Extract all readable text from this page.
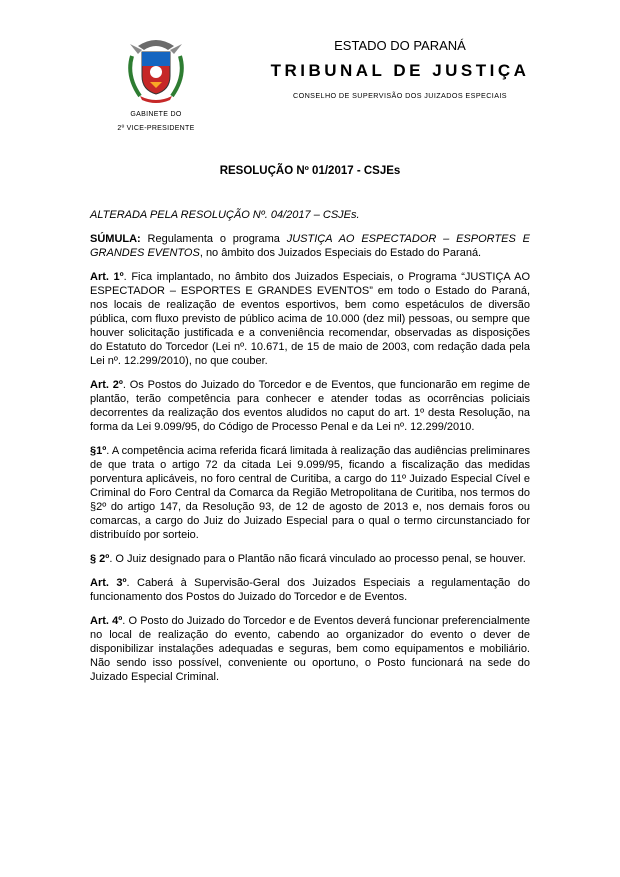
GABINETE DO
2º VICE-PRESIDENTE
ESTADO DO PARANÁ
TRIBUNAL DE JUSTIÇA
CONSELHO DE SUPERVISÃO DOS JUIZADOS ESPECIAIS
RESOLUÇÃO Nº 01/2017 - CSJEs

ALTERADA PELA RESOLUÇÃO Nº. 04/2017 – CSJEs.

SÚMULA: Regulamenta o programa JUSTIÇA AO ESPECTADOR – ESPORTES E GRANDES EVENTOS, no âmbito dos Juizados Especiais do Estado do Paraná.

Art. 1º. Fica implantado, no âmbito dos Juizados Especiais, o Programa “JUSTIÇA AO ESPECTADOR – ESPORTES E GRANDES EVENTOS” em todo o Estado do Paraná, nos locais de realização de eventos esportivos, bem como espetáculos de diversão pública, com fluxo previsto de público acima de 10.000 (dez mil) pessoas, ou sempre que houver solicitação justificada e a conveniência recomendar, observadas as disposições do Estatuto do Torcedor (Lei nº. 10.671, de 15 de maio de 2003, com redação dada pela Lei nº. 12.299/2010), no que couber.

Art. 2º. Os Postos do Juizado do Torcedor e de Eventos, que funcionarão em regime de plantão, terão competência para conhecer e atender todas as ocorrências policiais decorrentes da realização dos eventos aludidos no caput do art. 1º desta Resolução, na forma da Lei 9.099/95, do Código de Processo Penal e da Lei nº. 12.299/2010.

§1º. A competência acima referida ficará limitada à realização das audiências preliminares de que trata o artigo 72 da citada Lei 9.099/95, ficando a fiscalização das medidas porventura aplicáveis, no foro central de Curitiba, a cargo do 11º Juizado Especial Cível e Criminal do Foro Central da Comarca da Região Metropolitana de Curitiba, nos termos do §2º do artigo 147, da Resolução 93, de 12 de agosto de 2013 e, nos demais foros ou comarcas, a cargo do Juiz do Juizado Especial para o qual o termo circunstanciado for distribuído por sorteio.

§ 2º. O Juiz designado para o Plantão não ficará vinculado ao processo penal, se houver.

Art. 3º. Caberá à Supervisão-Geral dos Juizados Especiais a regulamentação do funcionamento dos Postos do Juizado do Torcedor e de Eventos.

Art. 4º. O Posto do Juizado do Torcedor e de Eventos deverá funcionar preferencialmente no local de realização do evento, cabendo ao organizador do evento o dever de disponibilizar instalações adequadas e seguras, bem como equipamentos e mobiliário. Não sendo isso possível, conveniente ou oportuno, o Posto funcionará na sede do Juizado Especial Criminal.
